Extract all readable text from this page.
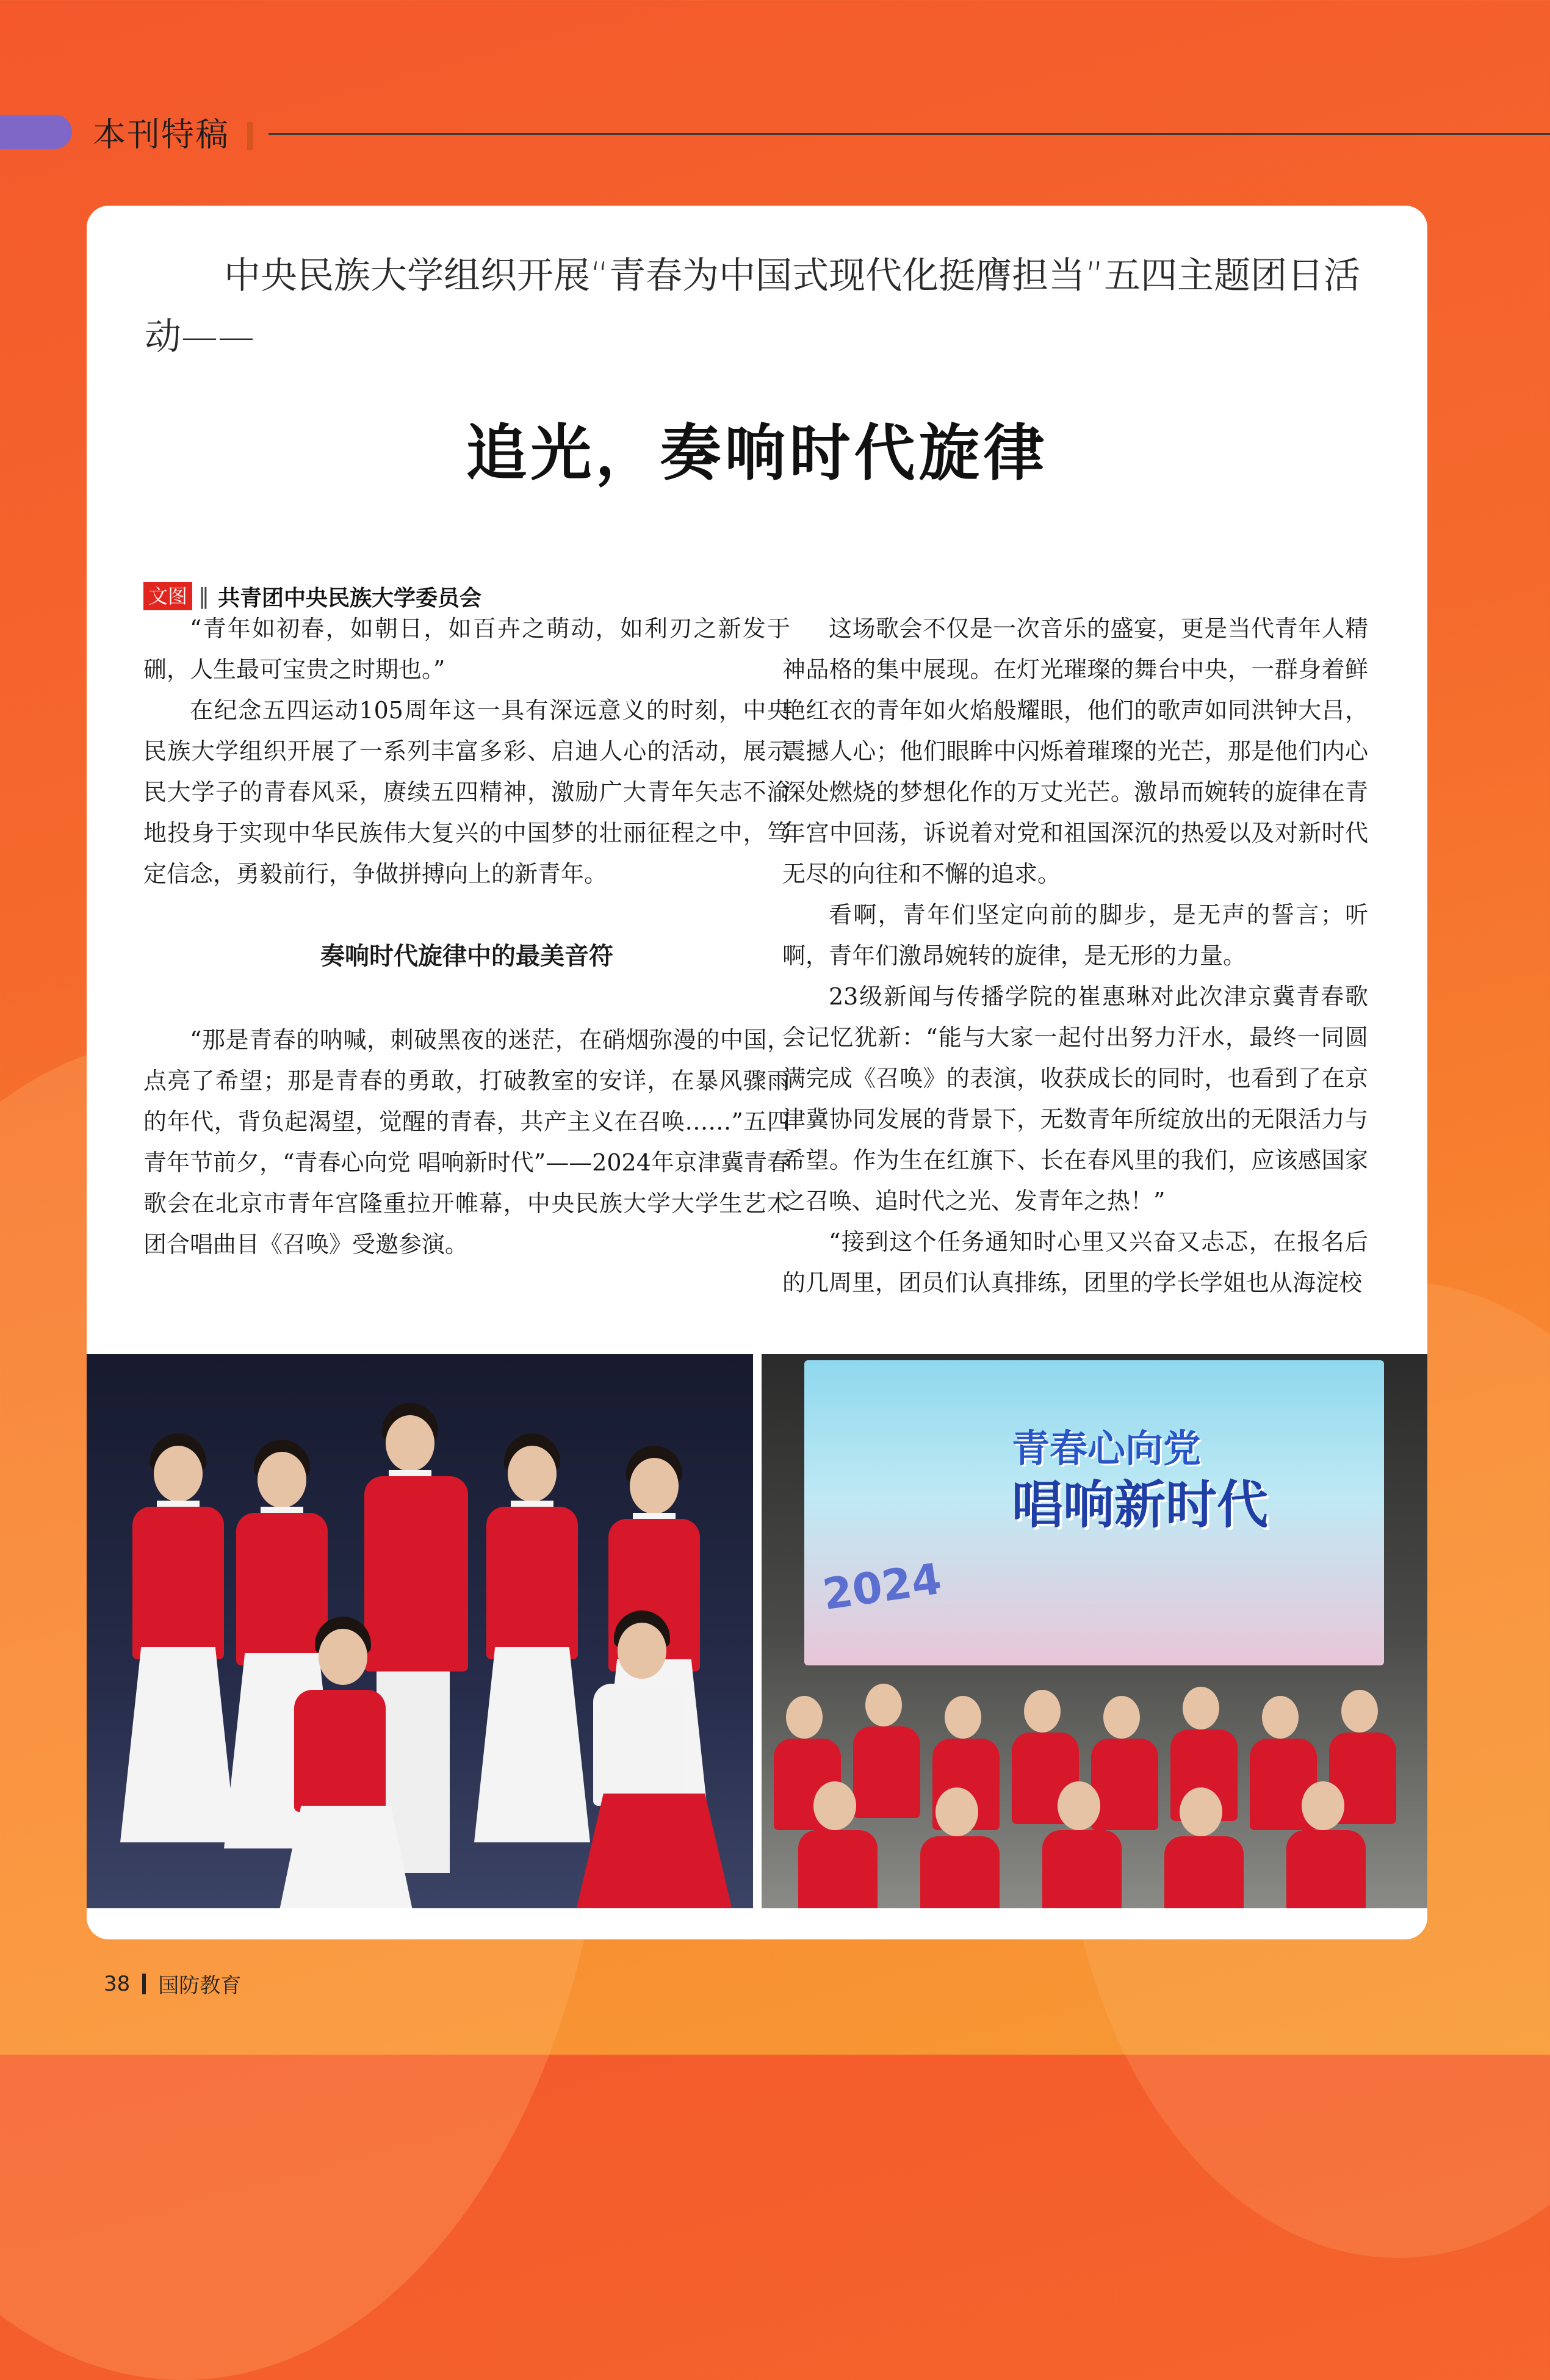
本刊特稿
中央民族大学组织开展“青春为中国式现代化挺膺担当”五四主题团日活动——
追光，奏响时代旋律
文图 ‖ 共青团中央民族大学委员会

“青年如初春，如朝日，如百卉之萌动，如利刃之新发于硎，人生最可宝贵之时期也。”

在纪念五四运动105周年这一具有深远意义的时刻，中央民族大学组织开展了一系列丰富多彩、启迪人心的活动，展示民大学子的青春风采，赓续五四精神，激励广大青年矢志不渝地投身于实现中华民族伟大复兴的中国梦的壮丽征程之中，笃定信念，勇毅前行，争做拼搏向上的新青年。

奏响时代旋律中的最美音符

“那是青春的呐喊，刺破黑夜的迷茫，在硝烟弥漫的中国，点亮了希望；那是青春的勇敢，打破教室的安详，在暴风骤雨的年代，背负起渴望，觉醒的青春，共产主义在召唤……”五四青年节前夕，“青春心向党 唱响新时代”——2024年京津冀青春歌会在北京市青年宫隆重拉开帷幕，中央民族大学大学生艺术团合唱曲目《召唤》受邀参演。

这场歌会不仅是一次音乐的盛宴，更是当代青年人精神品格的集中展现。在灯光璀璨的舞台中央，一群身着鲜艳红衣的青年如火焰般耀眼，他们的歌声如同洪钟大吕，震撼人心；他们眼眸中闪烁着璀璨的光芒，那是他们内心深处燃烧的梦想化作的万丈光芒。激昂而婉转的旋律在青年宫中回荡，诉说着对党和祖国深沉的热爱以及对新时代无尽的向往和不懈的追求。

看啊，青年们坚定向前的脚步，是无声的誓言；听啊，青年们激昂婉转的旋律，是无形的力量。

23级新闻与传播学院的崔惠琳对此次津京冀青春歌会记忆犹新：“能与大家一起付出努力汗水，最终一同圆满完成《召唤》的表演，收获成长的同时，也看到了在京津冀协同发展的背景下，无数青年所绽放出的无限活力与希望。作为生在红旗下、长在春风里的我们，应该感国家之召唤、追时代之光、发青年之热！”

“接到这个任务通知时心里又兴奋又忐忑，在报名后的几周里，团员们认真排练，团里的学长学姐也从海淀校

青春心向党
唱响新时代
2024
38 国防教育
